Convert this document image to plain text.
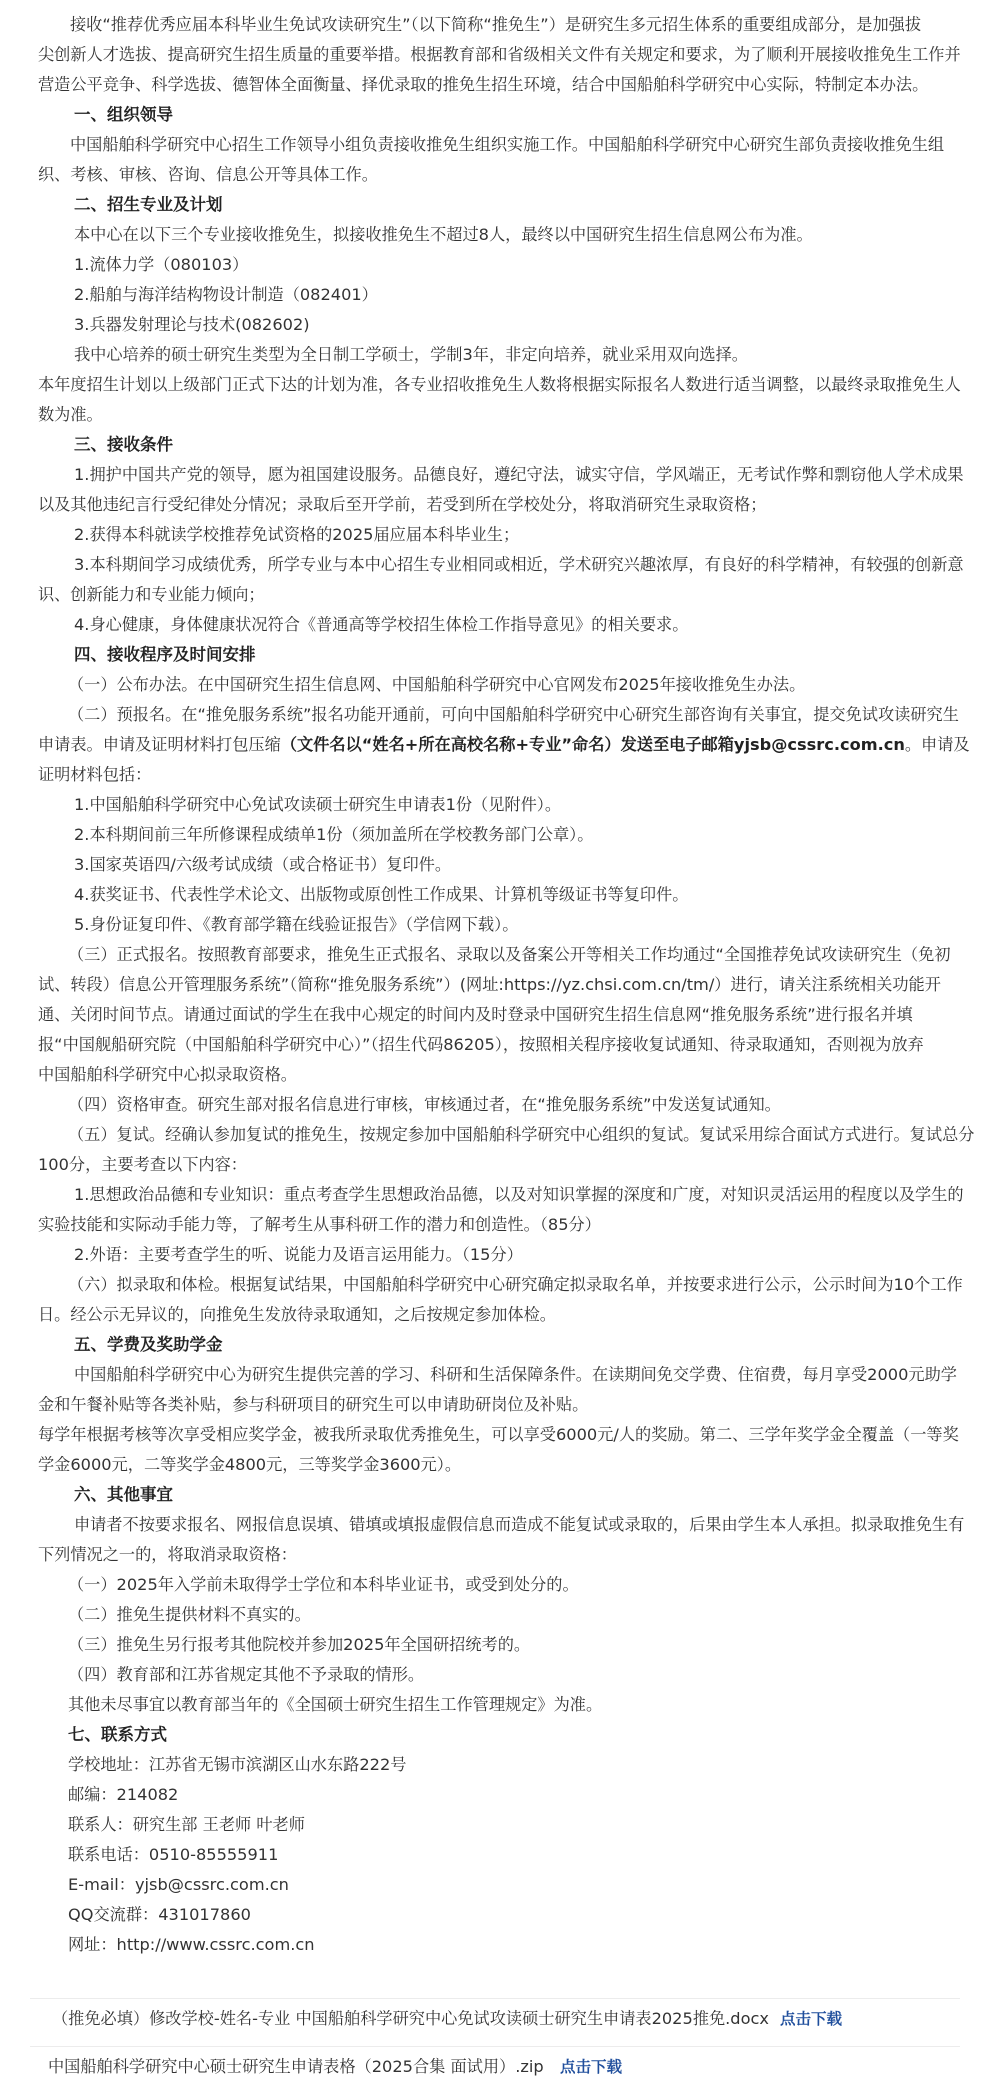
接收“推荐优秀应届本科毕业生免试攻读研究生”（以下简称“推免生”）是研究生多元招生体系的重要组成部分，是加强拔
尖创新人才选拔、提高研究生招生质量的重要举措。根据教育部和省级相关文件有关规定和要求，为了顺利开展接收推免生工作并
营造公平竞争、科学选拔、德智体全面衡量、择优录取的推免生招生环境，结合中国船舶科学研究中心实际，特制定本办法。
一、组织领导
中国船舶科学研究中心招生工作领导小组负责接收推免生组织实施工作。中国船舶科学研究中心研究生部负责接收推免生组
织、考核、审核、咨询、信息公开等具体工作。
二、招生专业及计划
本中心在以下三个专业接收推免生，拟接收推免生不超过8人，最终以中国研究生招生信息网公布为准。
1.流体力学（080103）
2.船舶与海洋结构物设计制造（082401）
3.兵器发射理论与技术(082602)
我中心培养的硕士研究生类型为全日制工学硕士，学制3年，非定向培养，就业采用双向选择。
本年度招生计划以上级部门正式下达的计划为准，各专业招收推免生人数将根据实际报名人数进行适当调整，以最终录取推免生人
数为准。
三、接收条件
1.拥护中国共产党的领导，愿为祖国建设服务。品德良好，遵纪守法，诚实守信，学风端正，无考试作弊和剽窃他人学术成果
以及其他违纪言行受纪律处分情况；录取后至开学前，若受到所在学校处分，将取消研究生录取资格；
2.获得本科就读学校推荐免试资格的2025届应届本科毕业生；
3.本科期间学习成绩优秀，所学专业与本中心招生专业相同或相近，学术研究兴趣浓厚，有良好的科学精神，有较强的创新意
识、创新能力和专业能力倾向；
4.身心健康，身体健康状况符合《普通高等学校招生体检工作指导意见》的相关要求。
四、接收程序及时间安排
（一）公布办法。在中国研究生招生信息网、中国船舶科学研究中心官网发布2025年接收推免生办法。
（二）预报名。在“推免服务系统”报名功能开通前，可向中国船舶科学研究中心研究生部咨询有关事宜，提交免试攻读研究生
申请表。申请及证明材料打包压缩（文件名以“姓名+所在高校名称+专业”命名）发送至电子邮箱yjsb@cssrc.com.cn。申请及
证明材料包括：
1.中国船舶科学研究中心免试攻读硕士研究生申请表1份（见附件）。
2.本科期间前三年所修课程成绩单1份（须加盖所在学校教务部门公章）。
3.国家英语四/六级考试成绩（或合格证书）复印件。
4.获奖证书、代表性学术论文、出版物或原创性工作成果、计算机等级证书等复印件。
5.身份证复印件、《教育部学籍在线验证报告》（学信网下载）。
（三）正式报名。按照教育部要求，推免生正式报名、录取以及备案公开等相关工作均通过“全国推荐免试攻读研究生（免初
试、转段）信息公开管理服务系统”（简称“推免服务系统”）(网址:https://yz.chsi.com.cn/tm/）进行，请关注系统相关功能开
通、关闭时间节点。请通过面试的学生在我中心规定的时间内及时登录中国研究生招生信息网“推免服务系统”进行报名并填
报“中国舰船研究院（中国船舶科学研究中心）”（招生代码86205），按照相关程序接收复试通知、待录取通知，否则视为放弃
中国船舶科学研究中心拟录取资格。
（四）资格审查。研究生部对报名信息进行审核，审核通过者，在“推免服务系统”中发送复试通知。
（五）复试。经确认参加复试的推免生，按规定参加中国船舶科学研究中心组织的复试。复试采用综合面试方式进行。复试总分
100分，主要考查以下内容：
1.思想政治品德和专业知识：重点考查学生思想政治品德，以及对知识掌握的深度和广度，对知识灵活运用的程度以及学生的
实验技能和实际动手能力等，了解考生从事科研工作的潜力和创造性。（85分）
2.外语：主要考查学生的听、说能力及语言运用能力。（15分）
（六）拟录取和体检。根据复试结果，中国船舶科学研究中心研究确定拟录取名单，并按要求进行公示，公示时间为10个工作
日。经公示无异议的，向推免生发放待录取通知，之后按规定参加体检。
五、学费及奖助学金
中国船舶科学研究中心为研究生提供完善的学习、科研和生活保障条件。在读期间免交学费、住宿费，每月享受2000元助学
金和午餐补贴等各类补贴，参与科研项目的研究生可以申请助研岗位及补贴。
每学年根据考核等次享受相应奖学金，被我所录取优秀推免生，可以享受6000元/人的奖励。第二、三学年奖学金全覆盖（一等奖
学金6000元，二等奖学金4800元，三等奖学金3600元）。
六、其他事宜
申请者不按要求报名、网报信息误填、错填或填报虚假信息而造成不能复试或录取的，后果由学生本人承担。拟录取推免生有
下列情况之一的，将取消录取资格：
（一）2025年入学前未取得学士学位和本科毕业证书，或受到处分的。
（二）推免生提供材料不真实的。
（三）推免生另行报考其他院校并参加2025年全国研招统考的。
（四）教育部和江苏省规定其他不予录取的情形。
其他未尽事宜以教育部当年的《全国硕士研究生招生工作管理规定》为准。
七、联系方式
学校地址：江苏省无锡市滨湖区山水东路222号
邮编：214082
联系人：研究生部 王老师 叶老师
联系电话：0510-85555911
E-mail：yjsb@cssrc.com.cn
QQ交流群：431017860
网址：http://www.cssrc.com.cn
（推免必填）修改学校-姓名-专业 中国船舶科学研究中心免试攻读硕士研究生申请表2025推免.docx 点击下载
中国船舶科学研究中心硕士研究生申请表格（2025合集 面试用）.zip 点击下载
